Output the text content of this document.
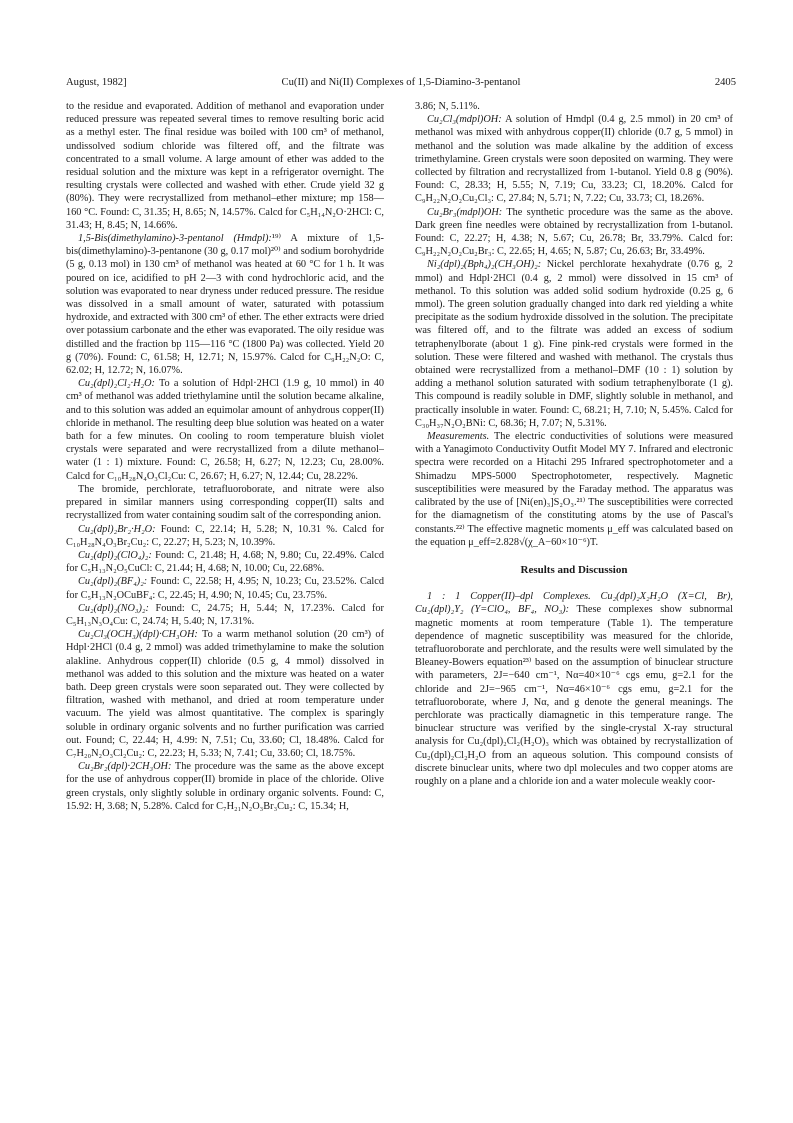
August, 1982]	Cu(II) and Ni(II) Complexes of 1,5-Diamino-3-pentanol	2405

to the residue and evaporated. Addition of methanol and evaporation under reduced pressure was repeated several times to remove resulting boric acid as a methyl ester. The final residue was boiled with 100 cm³ of methanol, undissolved sodium chloride was filtered off, and the filtrate was concentrated to a small volume. A large amount of ether was added to the residual solution and the mixture was kept in a refrigerator overnight. The resulting crystals were collected and washed with ether. Crude yield 32 g (80%). They were recrystallized from methanol–ether mixture; mp 158—160 °C. Found: C, 31.35; H, 8.65; N, 14.57%. Calcd for C₅H₁₄N₂O·2HCl: C, 31.43; H, 8.45; N, 14.66%.

1,5-Bis(dimethylamino)-3-pentanol (Hmdpl):¹⁹⁾ A mixture of 1,5-bis(dimethylamino)-3-pentanone (30 g, 0.17 mol)²⁰⁾ and sodium borohydride (5 g, 0.13 mol) in 130 cm³ of methanol was heated at 60 °C for 1 h. It was poured on ice, acidified to pH 2—3 with cond hydrochloric acid, and the solution was evaporated to near dryness under reduced pressure. The residue was dissolved in a small amount of water, saturated with potassium hydroxide, and extracted with 300 cm³ of ether. The ether extracts were dried over potassium carbonate and the ether was evaporated. The oily residue was distilled and the fraction bp 115—116 °C (1800 Pa) was collected. Yield 20 g (70%). Found: C, 61.58; H, 12.71; N, 15.97%. Calcd for C₉H₂₂N₂O: C, 62.02; H, 12.72; N, 16.07%.

Cu₂(dpl)₂Cl₂·H₂O: To a solution of Hdpl·2HCl (1.9 g, 10 mmol) in 40 cm³ of methanol was added triethylamine until the solution became alkaline, and to this solution was added an equimolar amount of anhydrous copper(II) chloride in methanol. The resulting deep blue solution was heated on a water bath for a few minutes. On cooling to room temperature bluish violet crystals were separated and were recrystallized from a dilute methanol–water (1 : 1) mixture. Found: C, 26.58; H, 6.27; N, 12.23; Cu, 28.00%. Calcd for C₁₀H₂₈N₄O₃Cl₂Cu: C, 26.67; H, 6.27; N, 12.44; Cu, 28.22%.

The bromide, perchlorate, tetrafluoroborate, and nitrate were also prepared in similar manners using corresponding copper(II) salts and recrystallized from water containing soudim salt of the corresponding anion.

Cu₂(dpl)₂Br₂·H₂O: Found: C, 22.14; H, 5.28; N, 10.31 %. Calcd for C₁₀H₂₈N₄O₃Br₂Cu₂: C, 22.27; H, 5.23; N, 10.39%.

Cu₂(dpl)₂(ClO₄)₂: Found: C, 21.48; H, 4.68; N, 9.80; Cu, 22.49%. Calcd for C₅H₁₃N₂O₅CuCl: C, 21.44; H, 4.68; N, 10.00; Cu, 22.68%.

Cu₂(dpl)₂(BF₄)₂: Found: C, 22.58; H, 4.95; N, 10.23; Cu, 23.52%. Calcd for C₅H₁₃N₂OCuBF₄: C, 22.45; H, 4.90; N, 10.45; Cu, 23.75%.

Cu₂(dpl)₂(NO₃)₂: Found: C, 24.75; H, 5.44; N, 17.23%. Calcd for C₅H₁₃N₃O₄Cu: C, 24.74; H, 5.40; N, 17.31%.

Cu₂Cl₃(OCH₃)(dpl)·CH₃OH: To a warm methanol solution (20 cm³) of Hdpl·2HCl (0.4 g, 2 mmol) was added trimethylamine to make the solution alakline. Anhydrous copper(II) chloride (0.5 g, 4 mmol) dissolved in methanol was added to this solution and the mixture was heated on a water bath. Deep green crystals were soon separated out. They were collected by filtration, washed with methanol, and dried at room temperature under vacuum. The yield was almost quantitative. The complex is sparingly soluble in ordinary organic solvents and no further purification was carried out. Found; C, 22.44; H, 4.99: N, 7.51; Cu, 33.60; Cl, 18.48%. Calcd for C₇H₂₀N₂O₃Cl₂Cu₂: C, 22.23; H, 5.33; N, 7.41; Cu, 33.60; Cl, 18.75%.

Cu₂Br₂(dpl)·2CH₃OH: The procedure was the same as the above except for the use of anhydrous copper(II) bromide in place of the chloride. Olive green crystals, only slightly soluble in ordinary organic solvents. Found: C, 15.92: H, 3.68; N, 5.28%. Calcd for C₇H₂₁N₂O₃Br₃Cu₂: C, 15.34; H,

3.86; N, 5.11%.

Cu₂Cl₃(mdpl)OH: A solution of Hmdpl (0.4 g, 2.5 mmol) in 20 cm³ of methanol was mixed with anhydrous copper(II) chloride (0.7 g, 5 mmol) in methanol and the solution was made alkaline by the addition of excess trimethylamine. Green crystals were soon deposited on warming. They were collected by filtration and recrystallized from 1-butanol. Yield 0.8 g (90%). Found: C, 28.33; H, 5.55; N, 7.19; Cu, 33.23; Cl, 18.20%. Calcd for C₉H₂₂N₂O₂Cu₂Cl₃: C, 27.84; N, 5.71; N, 7.22; Cu, 33.73; Cl, 18.26%.

Cu₂Br₃(mdpl)OH: The synthetic procedure was the same as the above. Dark green fine needles were obtained by recrystallization from 1-butanol. Found: C, 22.27; H, 4.38; N, 5.67; Cu, 26.78; Br, 33.79%. Calcd for: C₉H₂₂N₂O₂Cu₂Br₃: C, 22.65; H, 4.65; N, 5.87; Cu, 26.63; Br, 33.49%.

Ni₂(dpl)₂(Bph₄)₂(CH₃OH)₂: Nickel perchlorate hexahydrate (0.76 g, 2 mmol) and Hdpl·2HCl (0.4 g, 2 mmol) were dissolved in 15 cm³ of methanol. To this solution was added solid sodium hydroxide (0.25 g, 6 mmol). The green solution gradually changed into dark red yielding a white precipitate as the sodium hydroxide dissolved in the solution. The precipitate was filtered off, and to the filtrate was added an excess of sodium tetraphenylborate (about 1 g). Fine pink-red crystals were formed in the solution. These were filtered and washed with methanol. The crystals thus obtained were recrystallized from a methanol–DMF (10 : 1) solution by adding a methanol solution saturated with sodium tetraphenylborate (1 g). This compound is readily soluble in DMF, slightly soluble in methanol, and practically insoluble in water. Found: C, 68.21; H, 7.10; N, 5.45%. Calcd for C₃₀H₃₇N₂O₂BNi: C, 68.36; H, 7.07; N, 5.31%.

Measurements. The electric conductivities of solutions were measured with a Yanagimoto Conductivity Outfit Model MY 7. Infrared and electronic spectra were recorded on a Hitachi 295 Infrared spectrophotometer and a Shimadzu MPS-5000 Spectrophotometer, respectively. Magnetic susceptibilities were measured by the Faraday method. The apparatus was calibrated by the use of [Ni(en)₃]S₂O₃.²¹⁾ The susceptibilities were corrected for the diamagnetism of the constituting atoms by the use of Pascal's constants.²²⁾ The effective magnetic moments μ_eff was calculated based on the equation μ_eff=2.828√(χ_A−60×10⁻⁶)T.

Results and Discussion

1 : 1 Copper(II)–dpl Complexes. Cu₂(dpl)₂X₂H₂O (X=Cl, Br), Cu₂(dpl)₂Y₂ (Y=ClO₄, BF₄, NO₃): These complexes show subnormal magnetic moments at room temperature (Table 1). The temperature dependence of magnetic susceptibility was measured for the chloride, tetrafluoroborate and perchlorate, and the results were well simulated by the Bleaney-Bowers equation²³⁾ based on the assumption of binuclear structure with parameters, 2J=−640 cm⁻¹, Nα=40×10⁻⁶ cgs emu, g=2.1 for the chloride and 2J=−965 cm⁻¹, Nα=46×10⁻⁶ cgs emu, g=2.1 for the tetrafluoroborate, where J, Nα, and g denote the general meanings. The perchlorate was practically diamagnetic in this temperature range. The binuclear structure was verified by the single-crystal X-ray structural analysis for Cu₂(dpl)₂Cl₂(H₂O)₃ which was obtained by recrystallization of Cu₂(dpl)₂Cl₂H₂O from an aqueous solution. This compound consists of discrete binuclear units, where two dpl molecules and two copper atoms are roughly on a plane and a chloride ion and a water molecule weakly coor-
